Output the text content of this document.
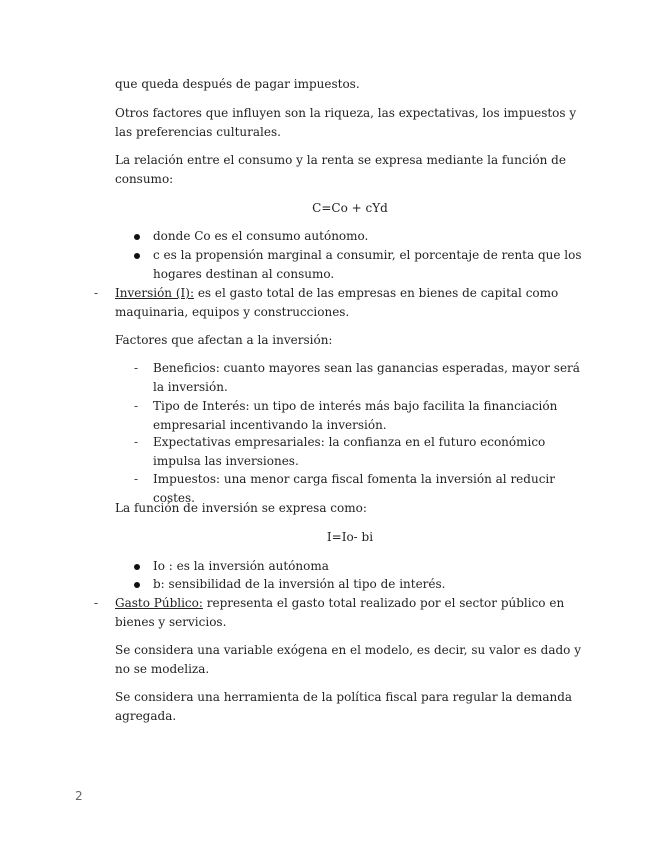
que queda después de pagar impuestos.

Otros factores que influyen son la riqueza, las expectativas, los impuestos y las preferencias culturales.

La relación entre el consumo y la renta se expresa mediante la función de consumo:

C=Co + cYd

donde Co es el consumo autónomo.

c es la propensión marginal a consumir, el porcentaje de renta que los hogares destinan al consumo.

- Inversión (I): es el gasto total de las empresas en bienes de capital como maquinaria, equipos y construcciones.

Factores que afectan a la inversión:

- Beneficios: cuanto mayores sean las ganancias esperadas, mayor será la inversión.

- Tipo de Interés: un tipo de interés más bajo facilita la financiación empresarial incentivando la inversión.

- Expectativas empresariales: la confianza en el futuro económico impulsa las inversiones.

- Impuestos: una menor carga fiscal fomenta la inversión al reducir costes.

La función de inversión se expresa como:

I=Io- bi

Io : es la inversión autónoma

b: sensibilidad de la inversión al tipo de interés.

- Gasto Público: representa el gasto total realizado por el sector público en bienes y servicios.

Se considera una variable exógena en el modelo, es decir, su valor es dado y no se modeliza.

Se considera una herramienta de la política fiscal para regular la demanda agregada.

2
